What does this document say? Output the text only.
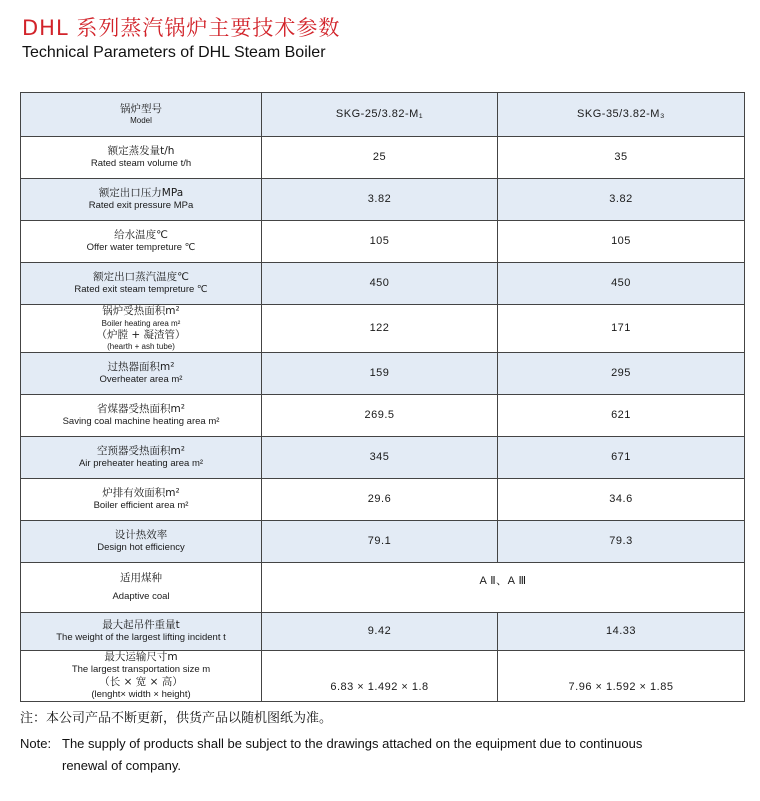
DHL 系列蒸汽锅炉主要技术参数
Technical Parameters of DHL Steam Boiler
锅炉型号
Model	SKG-25/3.82-M₁	SKG-35/3.82-M₃

额定蒸发量t/h
Rated steam volume t/h	25	35

额定出口压力MPa
Rated exit pressure MPa	3.82	3.82

给水温度℃
Offer water tempreture ℃	105	105

额定出口蒸汽温度℃
Rated exit steam tempreture ℃	450	450

锅炉受热面积m²
Boiler heating area m²
（炉膛 + 凝渣管）
(hearth + ash tube)	122	171

过热器面积m²
Overheater area m²	159	295

省煤器受热面积m²
Saving coal machine heating area m²	269.5	621

空预器受热面积m²
Air preheater heating area m²	345	671

炉排有效面积m²
Boiler efficient area m²	29.6	34.6

设计热效率
Design hot efficiency	79.1	79.3

适用煤种
Adaptive coal	A Ⅱ、A Ⅲ	

最大起吊件重量t
The weight of the largest lifting incident t	9.42	14.33

最大运输尺寸m
The largest transportation size m
（长 × 宽 × 高）
(lenght× width × height)	6.83 × 1.492 × 1.8	7.96 × 1.592 × 1.85
注：本公司产品不断更新，供货产品以随机图纸为准。
Note: The supply of products shall be subject to the drawings attached on the equipment due to continuous
renewal of company.
